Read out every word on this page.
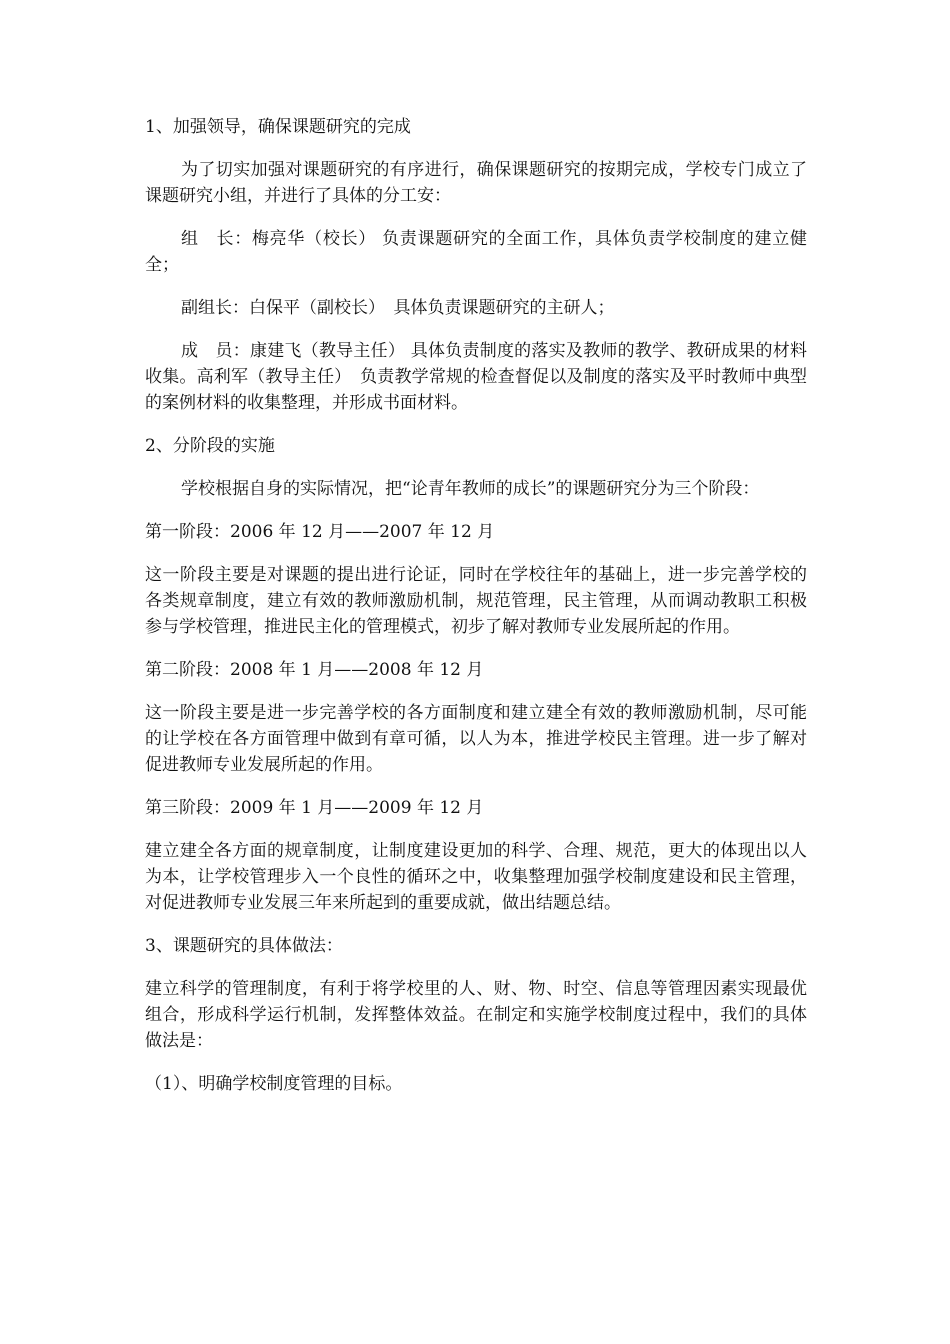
1、加强领导，确保课题研究的完成

为了切实加强对课题研究的有序进行，确保课题研究的按期完成，学校专门成立了课题研究小组，并进行了具体的分工安：

组　长：梅亮华（校长） 负责课题研究的全面工作，具体负责学校制度的建立健全；

副组长：白保平（副校长）　具体负责课题研究的主研人；

成　员：康建飞（教导主任） 具体负责制度的落实及教师的教学、教研成果的材料收集。高利军（教导主任）　负责教学常规的检查督促以及制度的落实及平时教师中典型的案例材料的收集整理，并形成书面材料。

2、分阶段的实施

学校根据自身的实际情况，把“论青年教师的成长”的课题研究分为三个阶段：

第一阶段：2006 年 12 月——2007 年 12 月

这一阶段主要是对课题的提出进行论证，同时在学校往年的基础上，进一步完善学校的各类规章制度，建立有效的教师激励机制，规范管理，民主管理，从而调动教职工积极参与学校管理，推进民主化的管理模式，初步了解对教师专业发展所起的作用。

第二阶段：2008 年 1 月——2008 年 12 月

这一阶段主要是进一步完善学校的各方面制度和建立建全有效的教师激励机制，尽可能的让学校在各方面管理中做到有章可循，以人为本，推进学校民主管理。进一步了解对促进教师专业发展所起的作用。

第三阶段：2009 年 1 月——2009 年 12 月

建立建全各方面的规章制度，让制度建设更加的科学、合理、规范，更大的体现出以人为本，让学校管理步入一个良性的循环之中，收集整理加强学校制度建设和民主管理，对促进教师专业发展三年来所起到的重要成就，做出结题总结。

3、课题研究的具体做法：

建立科学的管理制度，有利于将学校里的人、财、物、时空、信息等管理因素实现最优组合，形成科学运行机制，发挥整体效益。在制定和实施学校制度过程中，我们的具体做法是：

（1）、明确学校制度管理的目标。
